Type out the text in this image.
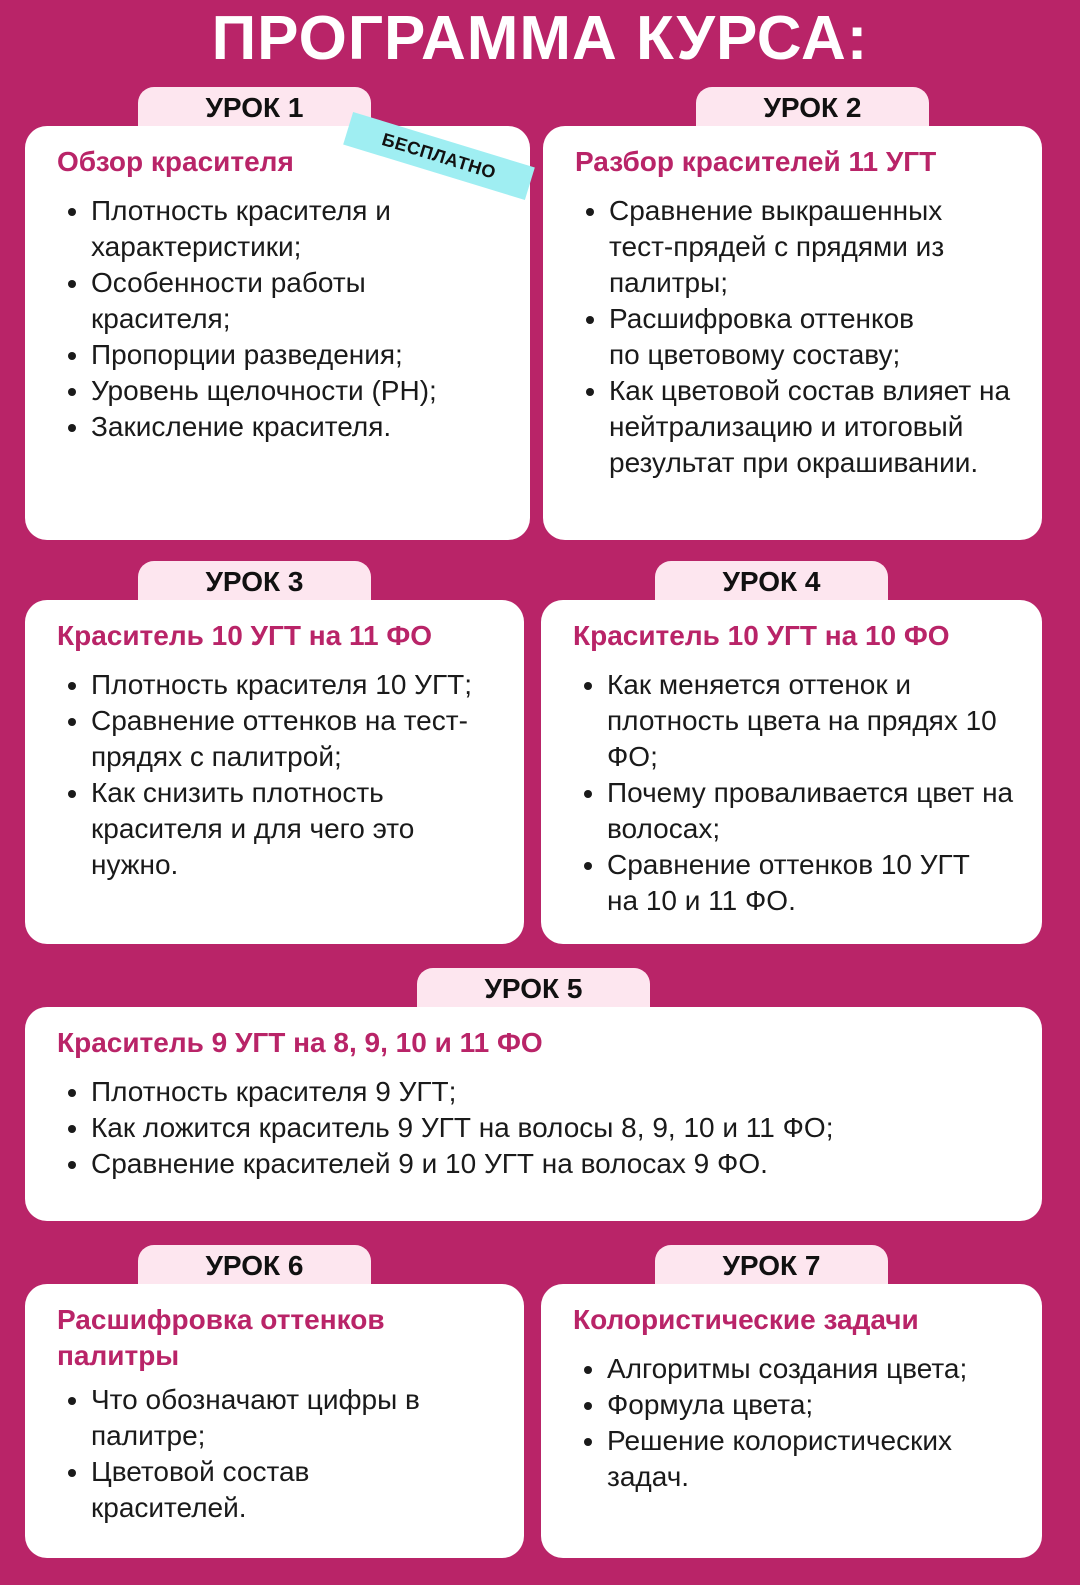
ПРОГРАММА КУРСА:
УРОК 1
Обзор красителя
• Плотность красителя и характеристики;
• Особенности работы красителя;
• Пропорции разведения;
• Уровень щелочности (PH);
• Закисление красителя.
БЕСПЛАТНО
УРОК 2
Разбор красителей 11 УГТ
• Сравнение выкрашенных тест-прядей с прядями из палитры;
• Расшифровка оттенков по цветовому составу;
• Как цветовой состав влияет на нейтрализацию и итоговый результат при окрашивании.
УРОК 3
Краситель 10 УГТ на 11 ФО
• Плотность красителя 10 УГТ;
• Сравнение оттенков на тест-прядях с палитрой;
• Как снизить плотность красителя и для чего это нужно.
УРОК 4
Краситель 10 УГТ на 10 ФО
• Как меняется оттенок и плотность цвета на прядях 10 ФО;
• Почему проваливается цвет на волосах;
• Сравнение оттенков 10 УГТ на 10 и 11 ФО.
УРОК 5
Краситель 9 УГТ на 8, 9, 10 и 11 ФО
• Плотность красителя 9 УГТ;
• Как ложится краситель 9 УГТ на волосы 8, 9, 10 и 11 ФО;
• Сравнение красителей 9 и 10 УГТ на волосах 9 ФО.
УРОК 6
Расшифровка оттенков палитры
• Что обозначают цифры в палитре;
• Цветовой состав красителей.
УРОК 7
Колористические задачи
• Алгоритмы создания цвета;
• Формула цвета;
• Решение колористических задач.
